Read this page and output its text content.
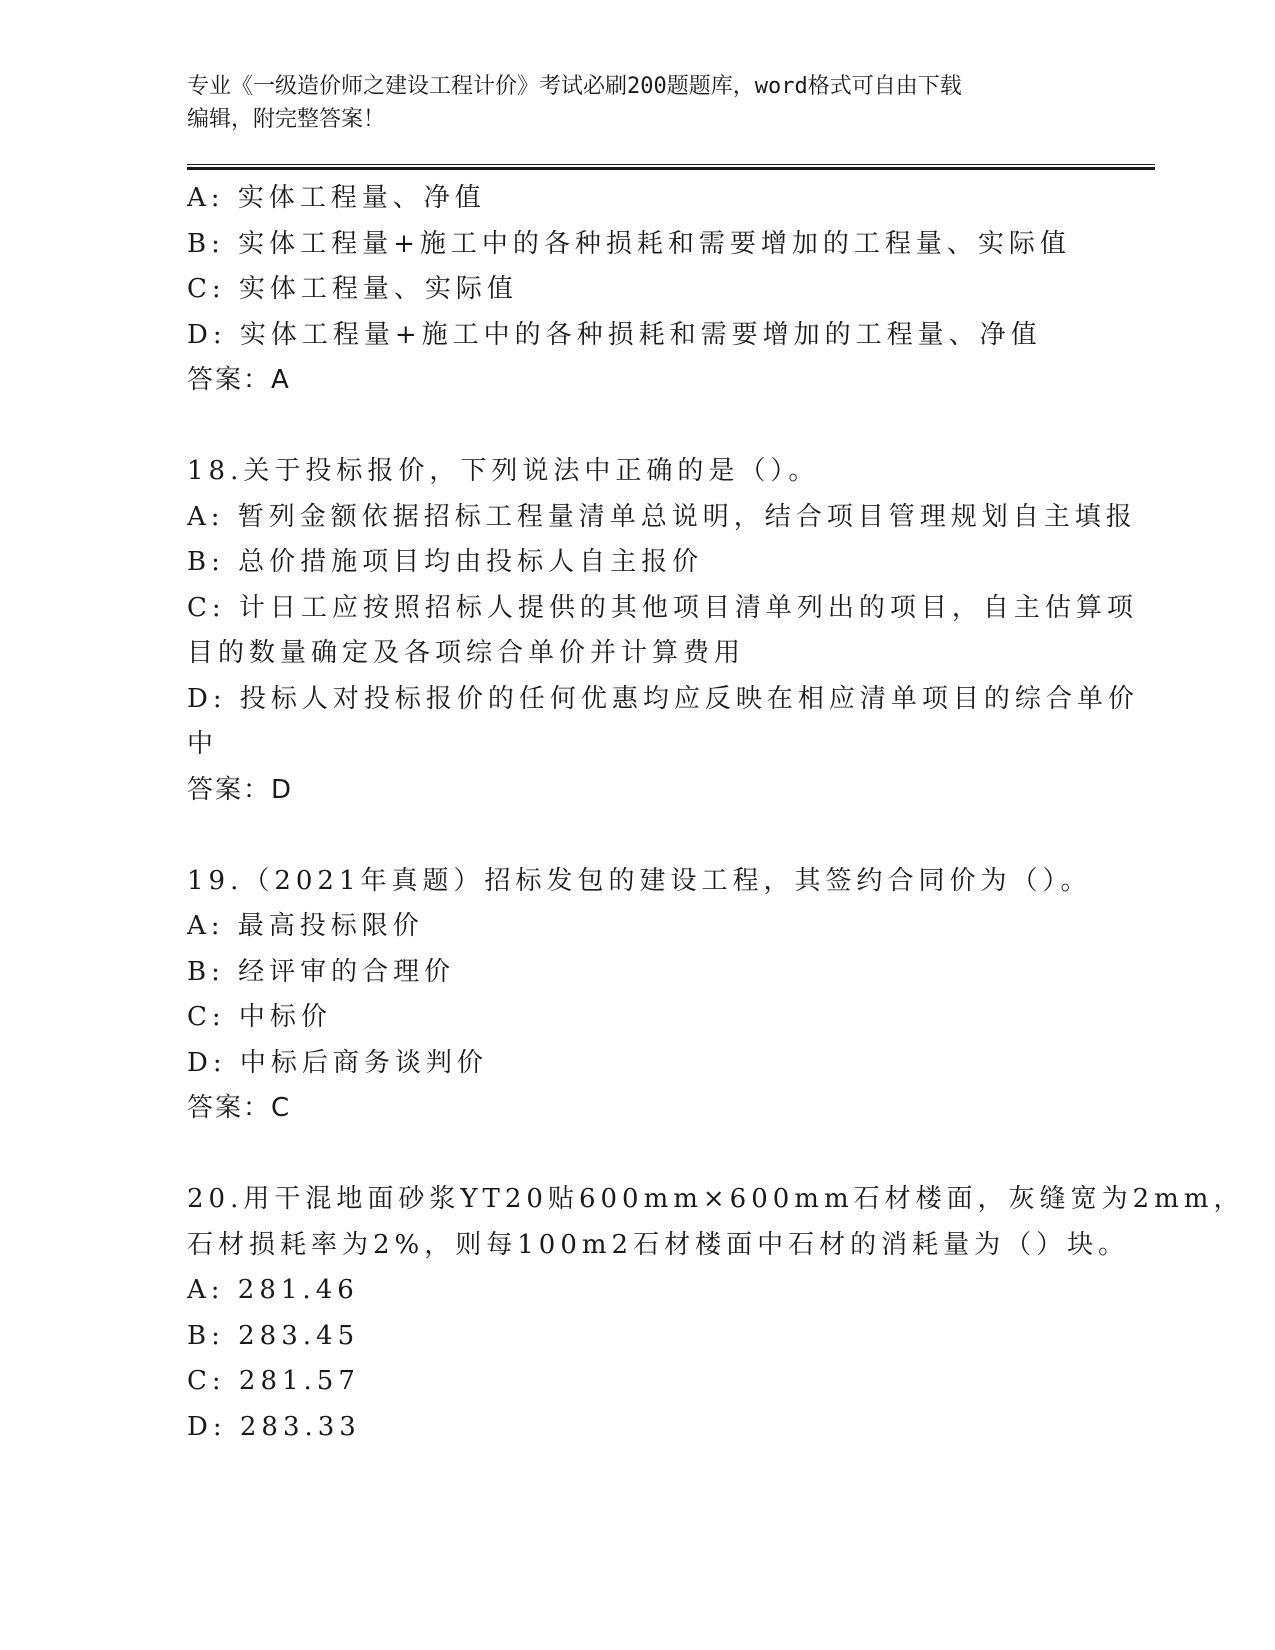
专业《一级造价师之建设工程计价》考试必刷200题题库，word格式可自由下载
编辑，附完整答案！
A: 实体工程量、净值
B: 实体工程量+施工中的各种损耗和需要增加的工程量、实际值
C: 实体工程量、实际值
D: 实体工程量+施工中的各种损耗和需要增加的工程量、净值
答案：A
18.关于投标报价，下列说法中正确的是（）。
A: 暂列金额依据招标工程量清单总说明，结合项目管理规划自主填报
B: 总价措施项目均由投标人自主报价
C: 计日工应按照招标人提供的其他项目清单列出的项目，自主估算项
目的数量确定及各项综合单价并计算费用
D: 投标人对投标报价的任何优惠均应反映在相应清单项目的综合单价
中
答案：D
19.（2021年真题）招标发包的建设工程，其签约合同价为（）。
A: 最高投标限价
B: 经评审的合理价
C: 中标价
D: 中标后商务谈判价
答案：C
20.用干混地面砂浆YT20贴600mm×600mm石材楼面，灰缝宽为2mm，
石材损耗率为2%，则每100m2石材楼面中石材的消耗量为（）块。
A: 281.46
B: 283.45
C: 281.57
D: 283.33
